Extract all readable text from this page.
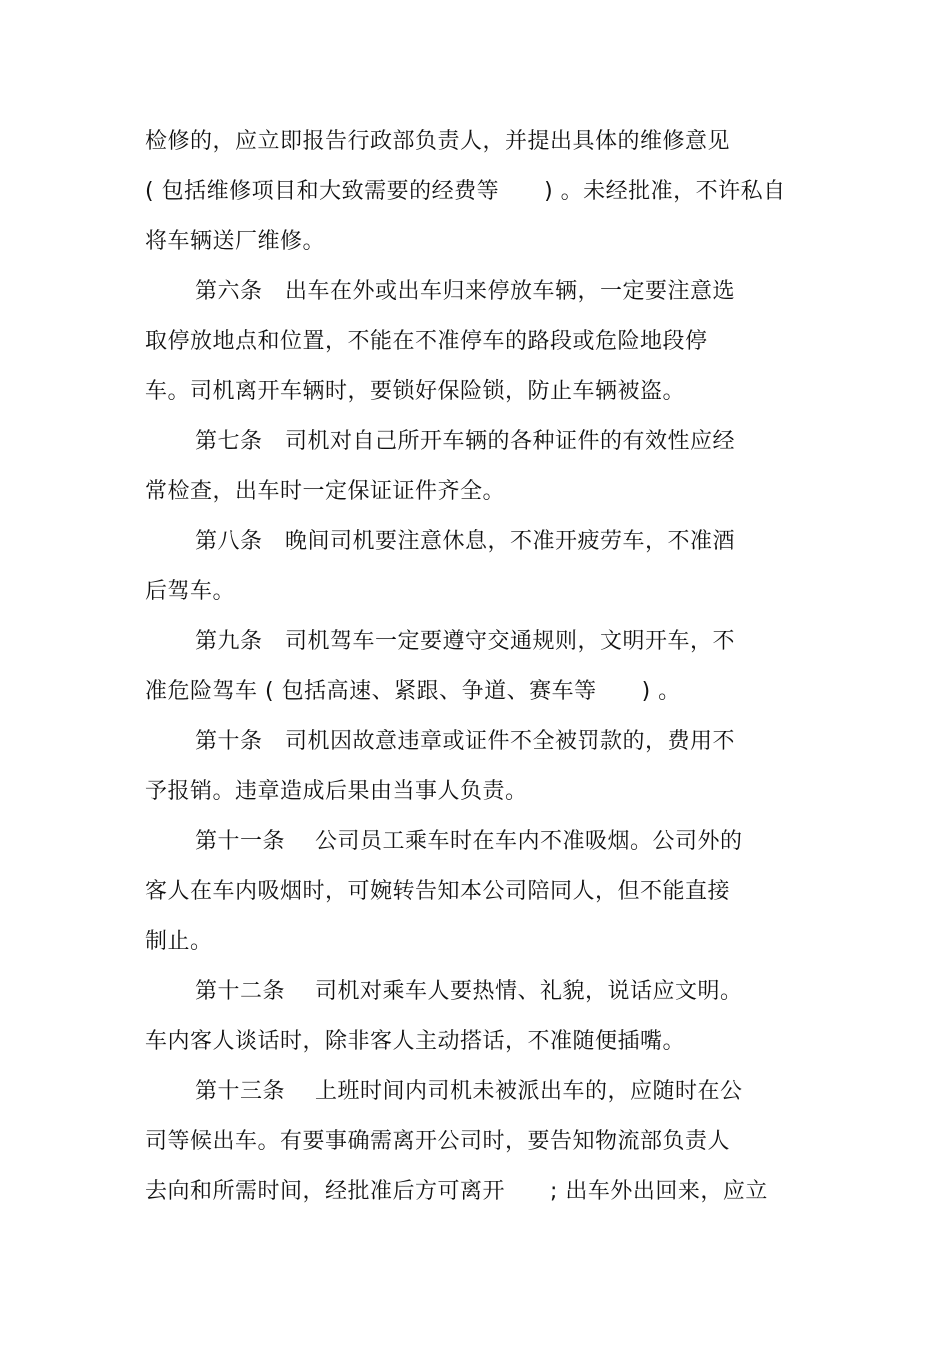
检修的，应立即报告行政部负责人，并提出具体的维修意见
( 包括维修项目和大致需要的经费等　　) 。未经批准，不许私自
将车辆送厂维修。
第六条　出车在外或出车归来停放车辆，一定要注意选
取停放地点和位置，不能在不准停车的路段或危险地段停
车。司机离开车辆时，要锁好保险锁，防止车辆被盗。
第七条　司机对自己所开车辆的各种证件的有效性应经
常检查，出车时一定保证证件齐全。
第八条　晚间司机要注意休息，不准开疲劳车，不准酒
后驾车。
第九条　司机驾车一定要遵守交通规则，文明开车，不
准危险驾车 ( 包括高速、紧跟、争道、赛车等　　) 。
第十条　司机因故意违章或证件不全被罚款的，费用不
予报销。违章造成后果由当事人负责。
第十一条　 公司员工乘车时在车内不准吸烟。公司外的
客人在车内吸烟时，可婉转告知本公司陪同人，但不能直接
制止。
第十二条　 司机对乘车人要热情、礼貌，说话应文明。
车内客人谈话时，除非客人主动搭话，不准随便插嘴。
第十三条　 上班时间内司机未被派出车的，应随时在公
司等候出车。有要事确需离开公司时，要告知物流部负责人
去向和所需时间，经批准后方可离开　　; 出车外出回来，应立
